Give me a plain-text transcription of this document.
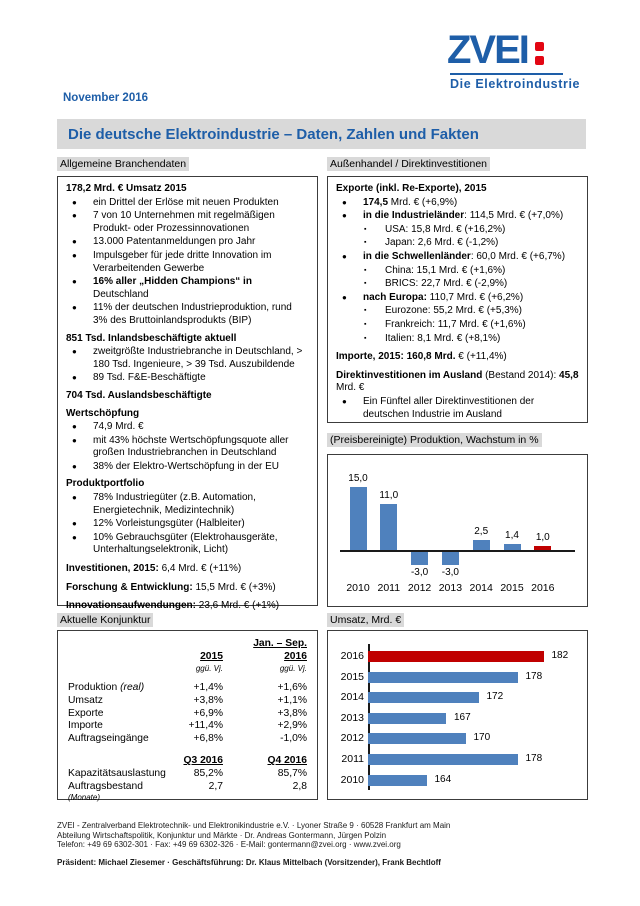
ZVEI
Die Elektroindustrie
November 2016
Die deutsche Elektroindustrie – Daten, Zahlen und Fakten
Allgemeine Branchendaten	Außenhandel / Direktinvestitionen
178,2 Mrd. € Umsatz 2015
●	ein Drittel der Erlöse mit neuen Produkten
●	7 von 10 Unternehmen mit regelmäßigen Produkt- oder Prozessinnovationen
●	13.000 Patentanmeldungen pro Jahr
●	Impulsgeber für jede dritte Innovation im Verarbeitenden Gewerbe
●	16% aller „Hidden Champions“ in Deutschland
●	11% der deutschen Industrieproduktion, rund 3% des Bruttoinlandsprodukts (BIP)
851 Tsd. Inlandsbeschäftigte aktuell
●	zweitgrößte Industriebranche in Deutschland, > 180 Tsd. Ingenieure, > 39 Tsd. Auszubildende
●	89 Tsd. F&E-Beschäftigte
704 Tsd. Auslandsbeschäftigte
Wertschöpfung
●	74,9 Mrd. €
●	mit 43% höchste Wertschöpfungsquote aller großen Industriebranchen in Deutschland
●	38% der Elektro-Wertschöpfung in der EU
Produktportfolio
●	78% Industriegüter (z.B. Automation, Energietechnik, Medizintechnik)
●	12% Vorleistungsgüter (Halbleiter)
●	10% Gebrauchsgüter (Elektrohausgeräte, Unterhaltungselektronik, Licht)
Investitionen, 2015: 6,4 Mrd. € (+11%)
Forschung & Entwicklung: 15,5 Mrd. € (+3%)
Innovationsaufwendungen: 23,6 Mrd. € (+1%)
Exporte (inkl. Re-Exporte), 2015
●	174,5 Mrd. € (+6,9%)
●	in die Industrieländer: 114,5 Mrd. € (+7,0%)
▪	USA: 15,8 Mrd. € (+16,2%)
▪	Japan: 2,6 Mrd. € (-1,2%)
●	in die Schwellenländer: 60,0 Mrd. € (+6,7%)
▪	China: 15,1 Mrd. € (+1,6%)
▪	BRICS: 22,7 Mrd. € (-2,9%)
●	nach Europa: 110,7 Mrd. € (+6,2%)
▪	Eurozone: 55,2 Mrd. € (+5,3%)
▪	Frankreich: 11,7 Mrd. € (+1,6%)
▪	Italien: 8,1 Mrd. € (+8,1%)
Importe, 2015: 160,8 Mrd. € (+11,4%)
Direktinvestitionen im Ausland (Bestand 2014): 45,8 Mrd. €
●	Ein Fünftel aller Direktinvestitionen der deutschen Industrie im Ausland
(Preisbereinigte) Produktion, Wachstum in %
15,0
2010
11,0
2011
-3,0
2012
-3,0
2013
2,5
2014
1,4
2015
1,0
2016
Aktuelle Konjunktur
Jan. – Sep.
2015	2016
ggü. Vj.	ggü. Vj.
Produktion (real)	+1,4%	+1,6%
Umsatz	+3,8%	+1,1%
Exporte	+6,9%	+3,8%
Importe	+11,4%	+2,9%
Auftragseingänge	+6,8%	-1,0%
Q3 2016	Q4 2016
Kapazitätsauslastung	85,2%	85,7%
Auftragsbestand	2,7	2,8
(Monate)
Umsatz, Mrd. €
2016	182
2015	178
2014	172
2013	167
2012	170
2011	178
2010	164
ZVEI - Zentralverband Elektrotechnik- und Elektronikindustrie e.V. · Lyoner Straße 9 · 60528 Frankfurt am Main
Abteilung Wirtschaftspolitik, Konjunktur und Märkte · Dr. Andreas Gontermann, Jürgen Polzin
Telefon: +49 69 6302-301 · Fax: +49 69 6302-326 · E-Mail: gontermann@zvei.org · www.zvei.org
Präsident: Michael Ziesemer · Geschäftsführung: Dr. Klaus Mittelbach (Vorsitzender), Frank Bechtloff
